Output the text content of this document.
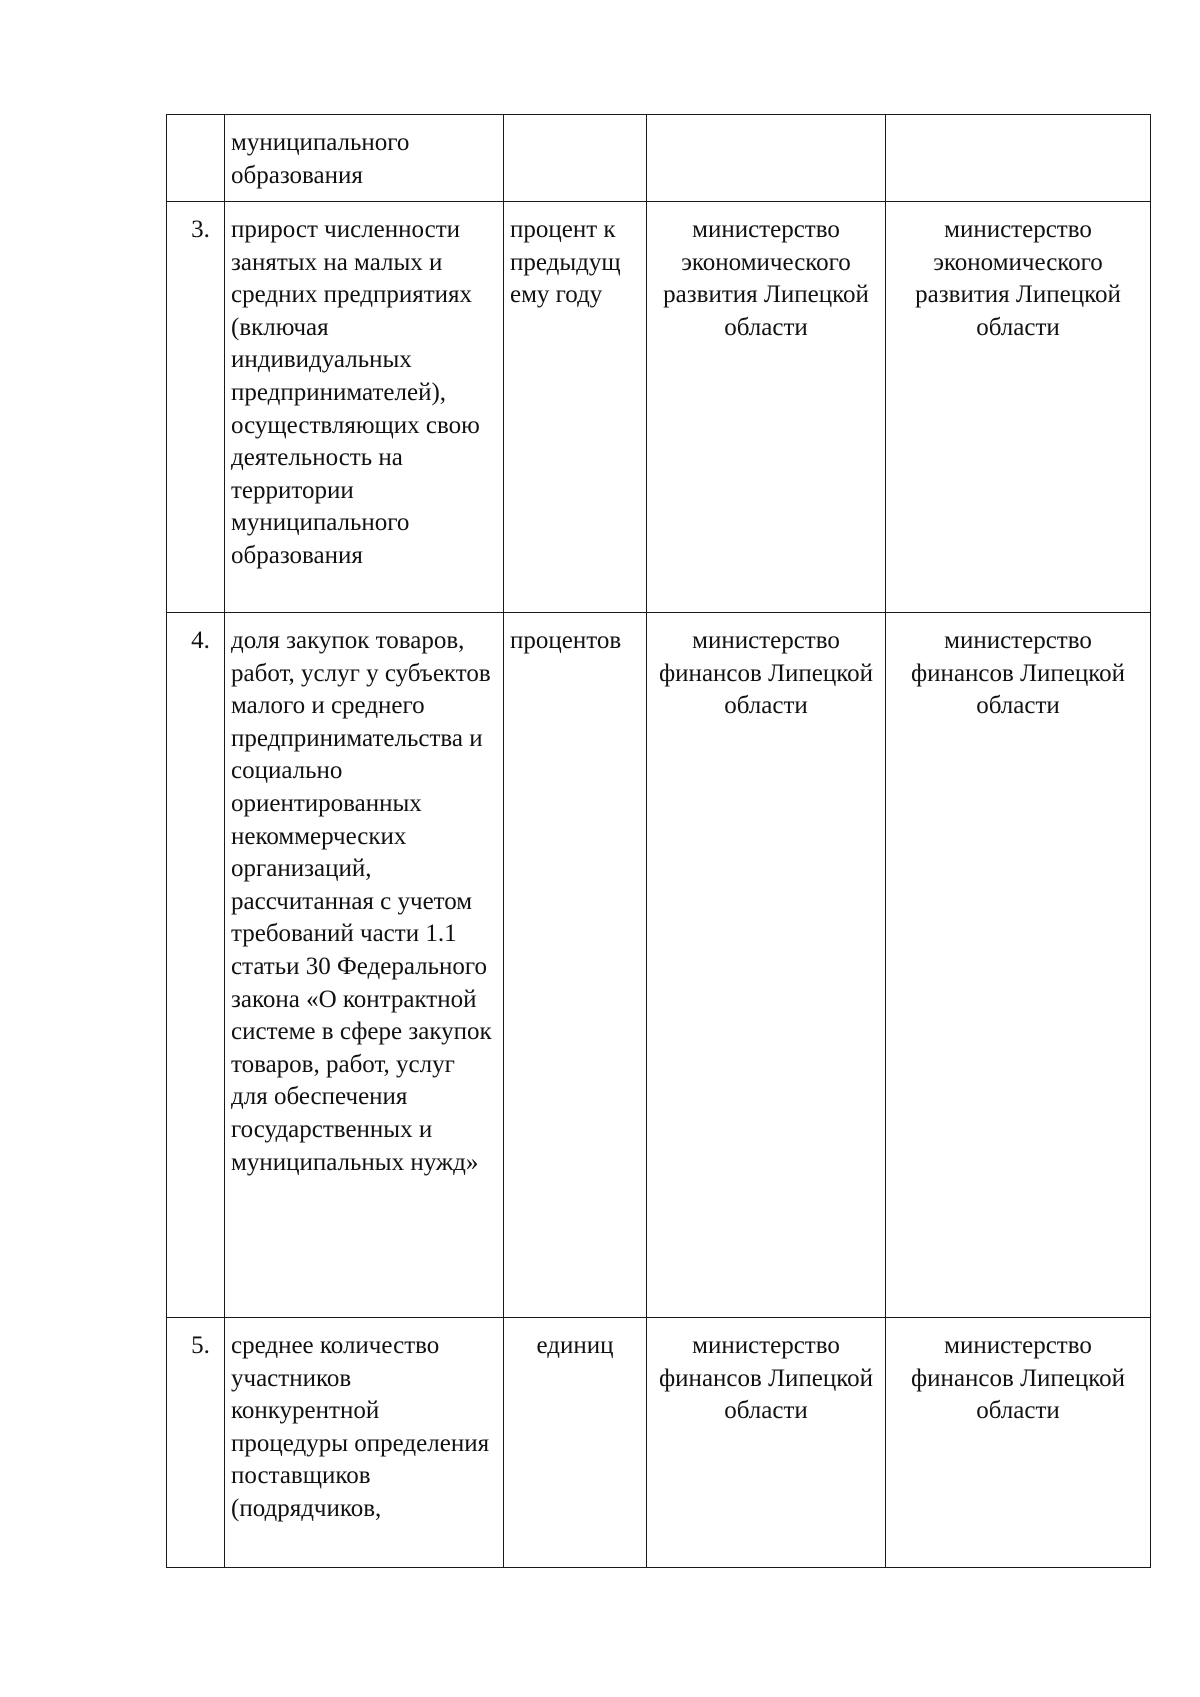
	муниципального
образования			
3.	прирост численности занятых на малых и средних предприятиях (включая индивидуальных предпринимателей), осуществляющих свою деятельность на территории муниципального образования	процент к предыдущ ему году	министерство экономического развития Липецкой области	министерство экономического развития Липецкой области
4.	доля закупок товаров, работ, услуг у субъектов малого и среднего предпринимательства и социально ориентированных некоммерческих организаций, рассчитанная с учетом требований части 1.1 статьи 30 Федерального закона «О контрактной системе в сфере закупок товаров, работ, услуг для обеспечения государственных и муниципальных нужд»	процентов	министерство финансов Липецкой области	министерство финансов Липецкой области
5.	среднее количество участников конкурентной процедуры определения поставщиков (подрядчиков,	единиц	министерство финансов Липецкой области	министерство финансов Липецкой области
